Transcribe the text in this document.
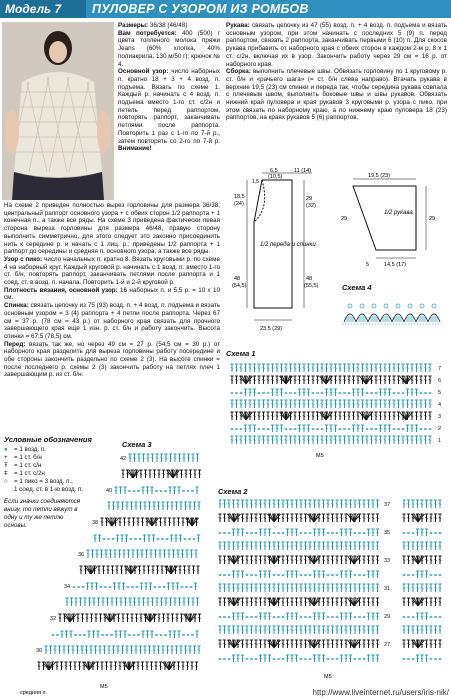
Модель 7	ПУЛОВЕР С УЗОРОМ ИЗ РОМБОВ
Размеры: 36/38 (46/48)
Вам потребуется: 400 (500) г цвета топленого молока пряжи Jeans (60% хлопка, 40% полиакрила, 130 м/50 г); крючок № 4.
Основной узор: число наборных п. кратно 18 + 3 + 4 возд. п. подъема. Вязать по схеме 1. Каждый р. начинать с 4 возд. п. подъема вместо 1-го ст. с/2н и петель перед раппортом, повторять раппорт, заканчивать петлями после раппорта. Повторить 1 раз с 1-го по 7-й р., затем повторять со 2-го по 7-й р. Внимание!
На схеме 2 приведен полностью вырез горловины для размера 36/38; центральный раппорт основного узора + с обеих сторон 1/2 раппорта + 1 конечная п., а также все ряды. На схеме 3 приведена фактически левая сторона выреза горловины для размера 46/48, правую сторону выполнить симметрично, для этого следует это законно присоединить нить к середине р. и начать с 1 лиц. р.; приведены 1/2 раппорта + 1 раппорт до середины и средняя п. основного узора, а также все ряды.
Узор с пико: число начальных п. кратно 8. Вязать круговыми р. по схеме 4 на наборный круг. Каждый круговой р. начинать с 1 возд. п. вместо 1-го ст. б/н, повторять раппорт, заканчивать петлями после раппорта и 1 соед. ст. в возд. п. начала. Повторить 1-й и 2-й круговой р.
Плотность вязания, основной узор: 16 наборных п. и 5,5 р. = 10 х 10 см.
Спинка: связать цепочку из 75 (93) возд. п. + 4 возд. п. подъема и вязать основным узором = 3 (4) раппорта + 4 петли после раппорта. Через 67 см = 37 р. (78 см = 43 р.) от наборного края связать для прочного завершающего края еще 1 изн. р. ст. б/н и работу закончить. Высота спинки = 67,5 (78,5) см.
Перед: вязать так же, но через 49 см = 27 р. (54,5 см = 30 р.) от наборного края разделить для выреза горловины работу посередине и обе стороны закончить раздельно по схеме 2 (3). На высоте спинки = после последнего р. схемы 2 (3) закончить работу на петлях плеч 1 завершающим р. из ст. б/н.
Рукава: связать цепочку из 47 (55) возд. п. + 4 возд. п. подъема и вязать основным узором, при этом начинать с последних 5 (9) п. перед раппортом, связать 2 раппорта, заканчивать первыми 6 (10) п. Для скосов рукава прибавить от наборного края с обеих сторон в каждом 2-м р. 8 х 1 ст. с/2н, включая их в узор. Закончить работу через 29 см = 16 р. от наборного края.
Сборка: выполнить плечевые швы. Обвязать горловину по 1 круговому р. ст. б/н и «рачьего шага» (= ст. б/н слева направо). Втачать рукава в верхние 19,5 (23) см спинки и переда так, чтобы середина рукава совпала с плечевым швом, выполнить боковые швы и швы рукавов. Обвязать нижний край пуловера и края рукавов 3 круговыми р. узора с пико, при этом связать по наборному краю, а по нижнему краю пуловера 18 (23) раппортов, на краях рукавов 5 (6) раппортов.
6,5
(10,5)
11 (14)
1,5
18,5
(24)
29
(32)
48
(54,5)
48
(55,5)
1/2 переда и спинки
23,5 (29)
19,5 (23)
29	29
1/2 рукава
5	14,5 (17)
Схема 4
Схема 1
7
6
5
4
3
2
1
М5
Условные обозначения
● = 1 возд. п.
+ = 1 ст. б/н
Ŧ = 1 ст. с/н
ǂ = 1 ст. с/2н
○ = 1 пико = 3 возд. п.,
1 соед. ст. в 1-ю возд. п.
Если значки соединяются внизу, то петли вяжут в одну и ту же петлю основы.
Схема 3
42
40
38
36
34
32
30
М5
средняя п.
Схема 2
37
35
33
31
29
27
М5
http://www.liveinternet.ru/users/iris-nik/
